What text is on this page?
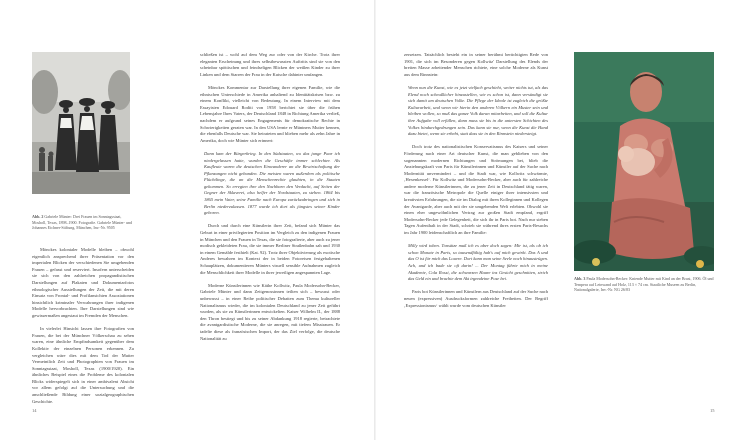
Abb. 2 Gabriele Münter: Drei Frauen im Sonntagsstaat, Mosholl, Texas, 1898–1900. Fotografie. Gabriele Münter- und Johannes Eichner-Stiftung, München, Inv.-Nr. 9505

Mönckes kolonialer Modelle bleiben – obwohl eigentlich ansprechend ihrer Präsentation vor den imperialen Blicken der verschiedenen Sie umgebenden Frauen – gefasst und reserviert. Insofern unterscheiden sie sich von den zahlreichen propagandistischen Darstellungen auf Plakaten und Dokumentarfotos ethnologischer Ausstellungen der Zeit, die mit deren Einsatz von Frontal- und Profilansichten Assoziationen hinsichtlich kriminaler Verwahrungen ihrer indigenen Modelle hervorbrachten. Ihre Darstellungen sind wie gewissermaßen angestaut im Fremden der Menschen.

In vielerlei Hinsicht lassen ihre Fotografien von Frauen, die bei der Münchner Völkerschau zu sehen waren, eine ähnliche Empfindsamkeit gegenüber dem Kollektiv der einzelnen Personen erkennen. Zu vergleichen wäre dies mit dem Tod der Mutter Vermeintlich Zeit und Photographien von Frauen im Sonntagsstaat, Mosholl, Texas (1900/1920). Ein ähnliches Beispiel eines die Probleme des kolonialen Blicks widerspiegelt sich in einer ambivalent Absicht vor allem gefolgt auf die Untersuchung und die anschließende Bildung einer sozialgeographischen Geschichte.

schließen ist – wohl auf dem Weg zur oder von der Kirche. Trotz ihrer eleganten Erscheinung und ihres selbstbewussten Auftritts sind sie von den scheinbar spöttischen und feindseligen Blicken der weißen Kinder zu ihrer Linken und dem Starren der Frau in der Kutsche dahinter umfangen.

Mönckes Kommentar zur Darstellung ihrer eigenen Familie, wie die ethnischen Unterschiede in Amerika anhaltend zu Identitätskrisen bzw. zu einem Konflikt, vielleicht von Bedeutung. In einem Interview mit dem Essayisten Edouard Roditi von 1958 berichtet sie über die frühen Lebensjahre Ihres Vaters, der Deutschland 1848 in Richtung Amerika verließ, nachdem er aufgrund seines Engagements für demokratische Rechte in Schwierigkeiten geraten war. In den USA lernte er Müntners Mutter kennen, die ebenfalls Deutsche war. Sie heirateten und blieben mehr als zehn Jahre in Amerika, doch wie Münter sich erinnert:

Dann kam der Bürgerkrieg. In den Südstaaten, wo das junge Paar ich niedergelassen hatte, wurden die Geschäfte immer schlechter. Als Kaufleute waren die deutschen Einwanderer an die Bewirtschaftung der Pflanzungen nicht gebunden. Die meisten waren außerdem als politische Flüchtlinge, die an die Menschenrechte glaubten, in die Staaten gekommen. So erregten ihre den Nachbarn den Verdacht, auf Seiten der Gegner der Sklaverei, also helfer der Nordstaaten, zu stehen. 1864 bis 1865 mein Vater, seine Familie nach Europa zurückzubringen und sich in Berlin niederzulassen. 1877 wurde ich dort als jüngstes seiner Kinder geboren.

Durch und durch eine Künstlerin ihrer Zeit, befand sich Münter das Geburt in einer privilegierten Position im Vergleich zu den indigenen Frauen in München und den Frauen in Texas, die sie fotografierte, aber auch zu jener modisch gekleideten Frau, die sie immer Berliner Straßenbahn sah und 1930 in einem Gemälde festhielt (Kat. 92). Trotz ihrer Objektivierung als exotische Anderes bewahren im Kontext der in beiden Fotoreisen festgehaltenen Schauplätzen, dokumentieren Münters visuell sensible Aufnahmen zugleich die Menschlichkeit ihrer Modelle in ihrer jeweiligen angespannten Lage.

Moderne Künstlerinnen wie Käthe Kollwitz, Paula Modersohn-Becker, Gabriele Münter und dann Zeitgenossinnen teilten sich – bewusst oder unbewusst – in einer Reihe politischer Debatten zum Thema kultureller Nationalismus wieder, die im kolonialen Deutschland zu jener Zeit geführt wurden, als sie zu Künstlerinnen entwickelten. Kaiser Wilhelm II., der 1888 den Thron bestiegt und bis zu seiner Abdankung 1918 regierte, betrachtete die avantgardistische Moderne, die sie anregen, mit tiefem Misstrauen. Er tadelte diese als französischen Import, der das Ziel verfolge, die deutsche Nationalität zu

14

zersetzen. Tatsächlich besteht ein in seiner berühmt berüchtigten Rede von 1901, die sich im Besonderen gegen Kollwitz' Darstellung des Elends der breiten Masse arbeitender Menschen richtete, eine solche Moderne als Kunst aus dem Rinnstein:

Wenn nun die Kunst, wie es jetzt vielfach geschieht, weiter nichts tut, als das Elend noch scheußlicher hinzustellen, wie es schon ist, dann versündigt sie sich damit am deutschen Volke. Die Pflege der Ideale ist zugleich die größte Kulturarbeit, und wenn wir hierin den anderen Völkern ein Muster sein und bleiben wollen, so muß das ganze Volk daran mitarbeiten, und soll die Kultur ihre Aufgabe voll erfüllen, dann muss sie bis in die untersten Schichten des Volkes hindurchgedrungen sein. Das kann sie nur, wenn die Kunst die Hand dazu bietet, wenn sie erhebt, statt dass sie in den Rinnstein niedersteigt.

Doch trotz des nationalistischen Konservatismus des Kaisers und seiner Förderung nach einer Art deutscher Kunst, die man geblieben von den sogenannten modernen Richtungen und Strömungen bei, blieb die Anziehungskraft von Paris für Künstlerinnen und Künstler auf der Suche nach Modernität unvermindert – und die Stadt war, wie Kollwitz schwärmte, ‚Hexenkessel‘. Für Kollwitz und Modersohn-Becker, aber auch für zahlreiche andere moderne Künstlerinnen, die zu jener Zeit in Deutschland tätig waren, war die französische Metropole die Quelle einiger ihrer intensivsten und kreativsten Erfahrungen, die sie im Dialog mit ihren Kolleginnen und Kollegen der Avantgarde, aber auch mit der sie umgebenden Welt erlebten. Obwohl sie einen eher ungewöhnlichen Vertrag zur großen Stadt empfand, ergriff Modersohn-Becker jede Gelegenheit, die sich ihr in Paris bot. Nach nur sieben Tagen Aufenthalt in der Stadt, schrieb sie während ihres ersten Paris-Besuchs im Jahr 1900 leidenschaftlich an ihre Familie:

Milly wird toben. Tonsätze muß ich es aber doch sagen: Mir ist, als ob ich schon Monate in Paris, so tausendfältig hab's auf mich gewirkt. Das A und das O ist für mich das Louvre. Dort kann man seine Seele noch hinaustrügen. Ach, und ich bade sie oft darin! ... Der Montag führte mich in meine Akademie, Cola Rossi, die schwarzen Haare ins Gesicht geschnitten, strich das Geld ein und brachte dem Akt irgendeine Pose bei.

Paris bot Künstlerinnen und Künstlern aus Deutschland auf der Suche nach neuen (expressiven) Ausdrucksformen zahlreiche Freiheiten. Der Begriff ‚Expressionismus‘ wählt wurde vom deutschen Künstler

Abb. 3 Paula Modersohn-Becker: Kniende Mutter mit Kind an der Brust, 1906. Öl und Tempera auf Leinwand auf Holz, 113 × 74 cm. Staatliche Museen zu Berlin, Nationalgalerie, Inv.-Nr. NG 26/83
15
